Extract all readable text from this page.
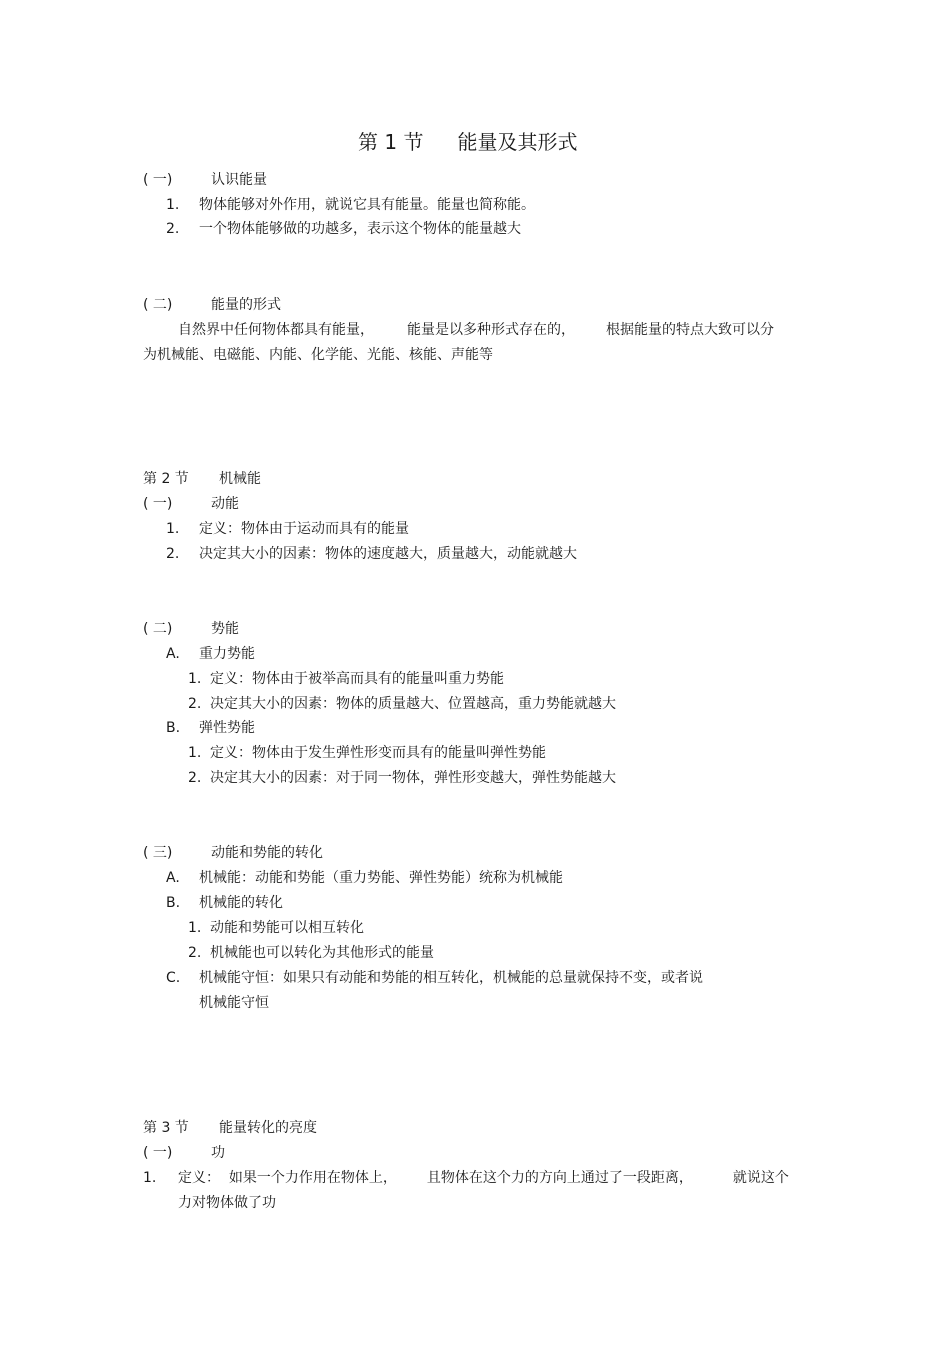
第 1 节 能量及其形式
( 一)	认识能量
1. 物体能够对外作用，就说它具有能量。能量也简称能。
2. 一个物体能够做的功越多，表示这个物体的能量越大
( 二)	能量的形式
自然界中任何物体都具有能量， 能量是以多种形式存在的， 根据能量的特点大致可以分
为机械能、电磁能、内能、化学能、光能、核能、声能等
第 2 节 机械能
( 一)	动能
1. 定义：物体由于运动而具有的能量
2. 决定其大小的因素：物体的速度越大，质量越大，动能就越大
( 二)	势能
A. 重力势能
1. 定义：物体由于被举高而具有的能量叫重力势能
2. 决定其大小的因素：物体的质量越大、位置越高，重力势能就越大
B. 弹性势能
1. 定义：物体由于发生弹性形变而具有的能量叫弹性势能
2. 决定其大小的因素：对于同一物体，弹性形变越大，弹性势能越大
( 三)	动能和势能的转化
A. 机械能：动能和势能（重力势能、弹性势能）统称为机械能
B. 机械能的转化
1. 动能和势能可以相互转化
2. 机械能也可以转化为其他形式的能量
C. 机械能守恒：如果只有动能和势能的相互转化，机械能的总量就保持不变，或者说
机械能守恒
第 3 节 能量转化的亮度
( 一)	功
1. 定义：  如果一个力作用在物体上， 且物体在这个力的方向上通过了一段距离，	就说这个
力对物体做了功
